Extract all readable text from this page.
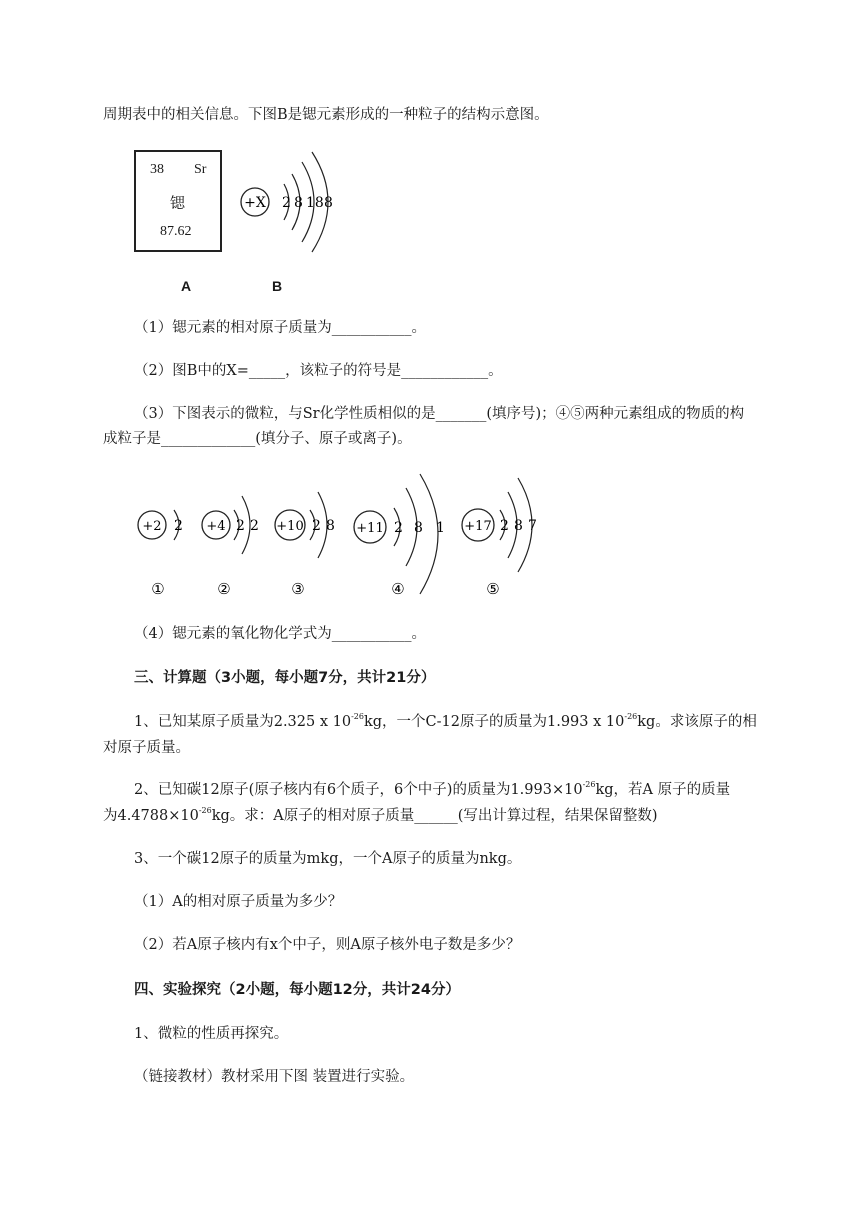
周期表中的相关信息。下图B是锶元素形成的一种粒子的结构示意图。
38 Sr
锶
87.62
A	B
+X 2 8 18 8
（1）锶元素的相对原子质量为___________。
（2）图B中的X=_____，该粒子的符号是____________。
（3）下图表示的微粒，与Sr化学性质相似的是_______(填序号)；④⑤两种元素组成的物质的构
成粒子是_____________(填分子、原子或离子)。
+2 2
①
+4 2 2
②
+10 2 8
③
+11 2 8 1
④
+17 2 8 7
⑤
（4）锶元素的氧化物化学式为___________。
三、计算题（3小题，每小题7分，共计21分）
1、已知某原子质量为2.325 x $10^{-26}kg$，一个C-12原子的质量为1.993 x $10^{-26}kg$。求该原子的相
对原子质量。
2、已知碳12原子(原子核内有6个质子，6个中子)的质量为$1.993\times 10^{-26}kg$，若A 原子的质量
为$4.4788\times 10^{-26}kg$。求：A原子的相对原子质量______(写出计算过程，结果保留整数)
3、一个碳12原子的质量为mkg，一个A原子的质量为nkg。
（1）A的相对原子质量为多少？
（2）若A原子核内有x个中子，则A原子核外电子数是多少？
四、实验探究（2小题，每小题12分，共计24分）
1、微粒的性质再探究。
（链接教材）教材采用下图 装置进行实验。
